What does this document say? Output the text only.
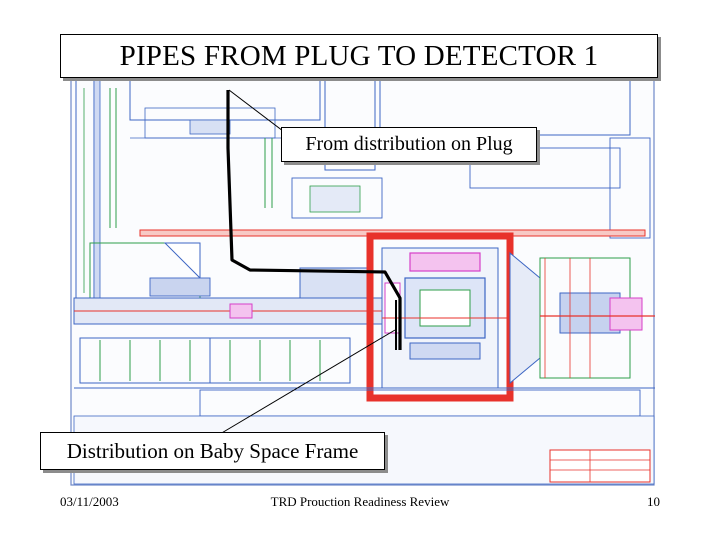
PIPES FROM PLUG TO DETECTOR 1
From distribution on Plug
Distribution on Baby Space Frame
03/11/2003	TRD Prouction Readiness Review	10
